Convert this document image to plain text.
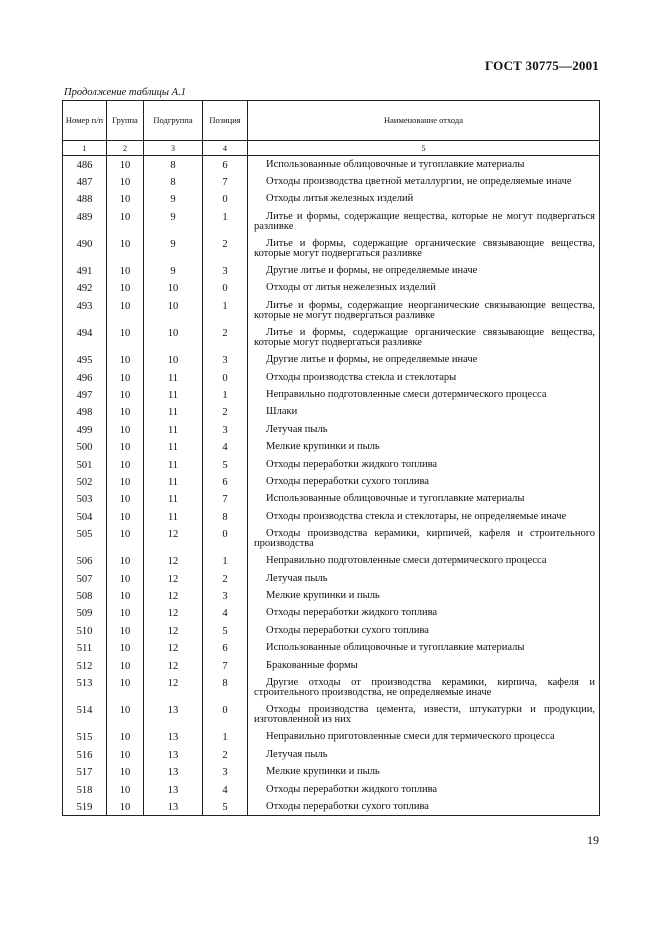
ГОСТ 30775—2001
Продолжение таблицы А.1
Номер п/п	Группа	Подгруппа	Позиция	Наименование отхода
1	2	3	4	5
486	10	8	6	Использованные облицовочные и тугоплавкие материалы
487	10	8	7	Отходы производства цветной металлургии, не определяемые иначе
488	10	9	0	Отходы литья железных изделий
489	10	9	1	Литье и формы, содержащие вещества, которые не могут подвергаться разливке
490	10	9	2	Литье и формы, содержащие органические связывающие вещества, которые могут подвергаться разливке
491	10	9	3	Другие литье и формы, не определяемые иначе
492	10	10	0	Отходы от литья нежелезных изделий
493	10	10	1	Литье и формы, содержащие неорганические связывающие вещества, которые не могут подвергаться разливке
494	10	10	2	Литье и формы, содержащие органические связывающие вещества, которые могут подвергаться разливке
495	10	10	3	Другие литье и формы, не определяемые иначе
496	10	11	0	Отходы производства стекла и стеклотары
497	10	11	1	Неправильно подготовленные смеси дотермического процесса
498	10	11	2	Шлаки
499	10	11	3	Летучая пыль
500	10	11	4	Мелкие крупинки и пыль
501	10	11	5	Отходы переработки жидкого топлива
502	10	11	6	Отходы переработки сухого топлива
503	10	11	7	Использованные облицовочные и тугоплавкие материалы
504	10	11	8	Отходы производства стекла и стеклотары, не определяемые иначе
505	10	12	0	Отходы производства керамики, кирпичей, кафеля и строительного производства
506	10	12	1	Неправильно подготовленные смеси дотермического процесса
507	10	12	2	Летучая пыль
508	10	12	3	Мелкие крупинки и пыль
509	10	12	4	Отходы переработки жидкого топлива
510	10	12	5	Отходы переработки сухого топлива
511	10	12	6	Использованные облицовочные и тугоплавкие материалы
512	10	12	7	Бракованные формы
513	10	12	8	Другие отходы от производства керамики, кирпича, кафеля и строительного производства, не определяемые иначе
514	10	13	0	Отходы производства цемента, извести, штукатурки и продукции, изготовленной из них
515	10	13	1	Неправильно приготовленные смеси для термического процесса
516	10	13	2	Летучая пыль
517	10	13	3	Мелкие крупинки и пыль
518	10	13	4	Отходы переработки жидкого топлива
519	10	13	5	Отходы переработки сухого топлива
19
